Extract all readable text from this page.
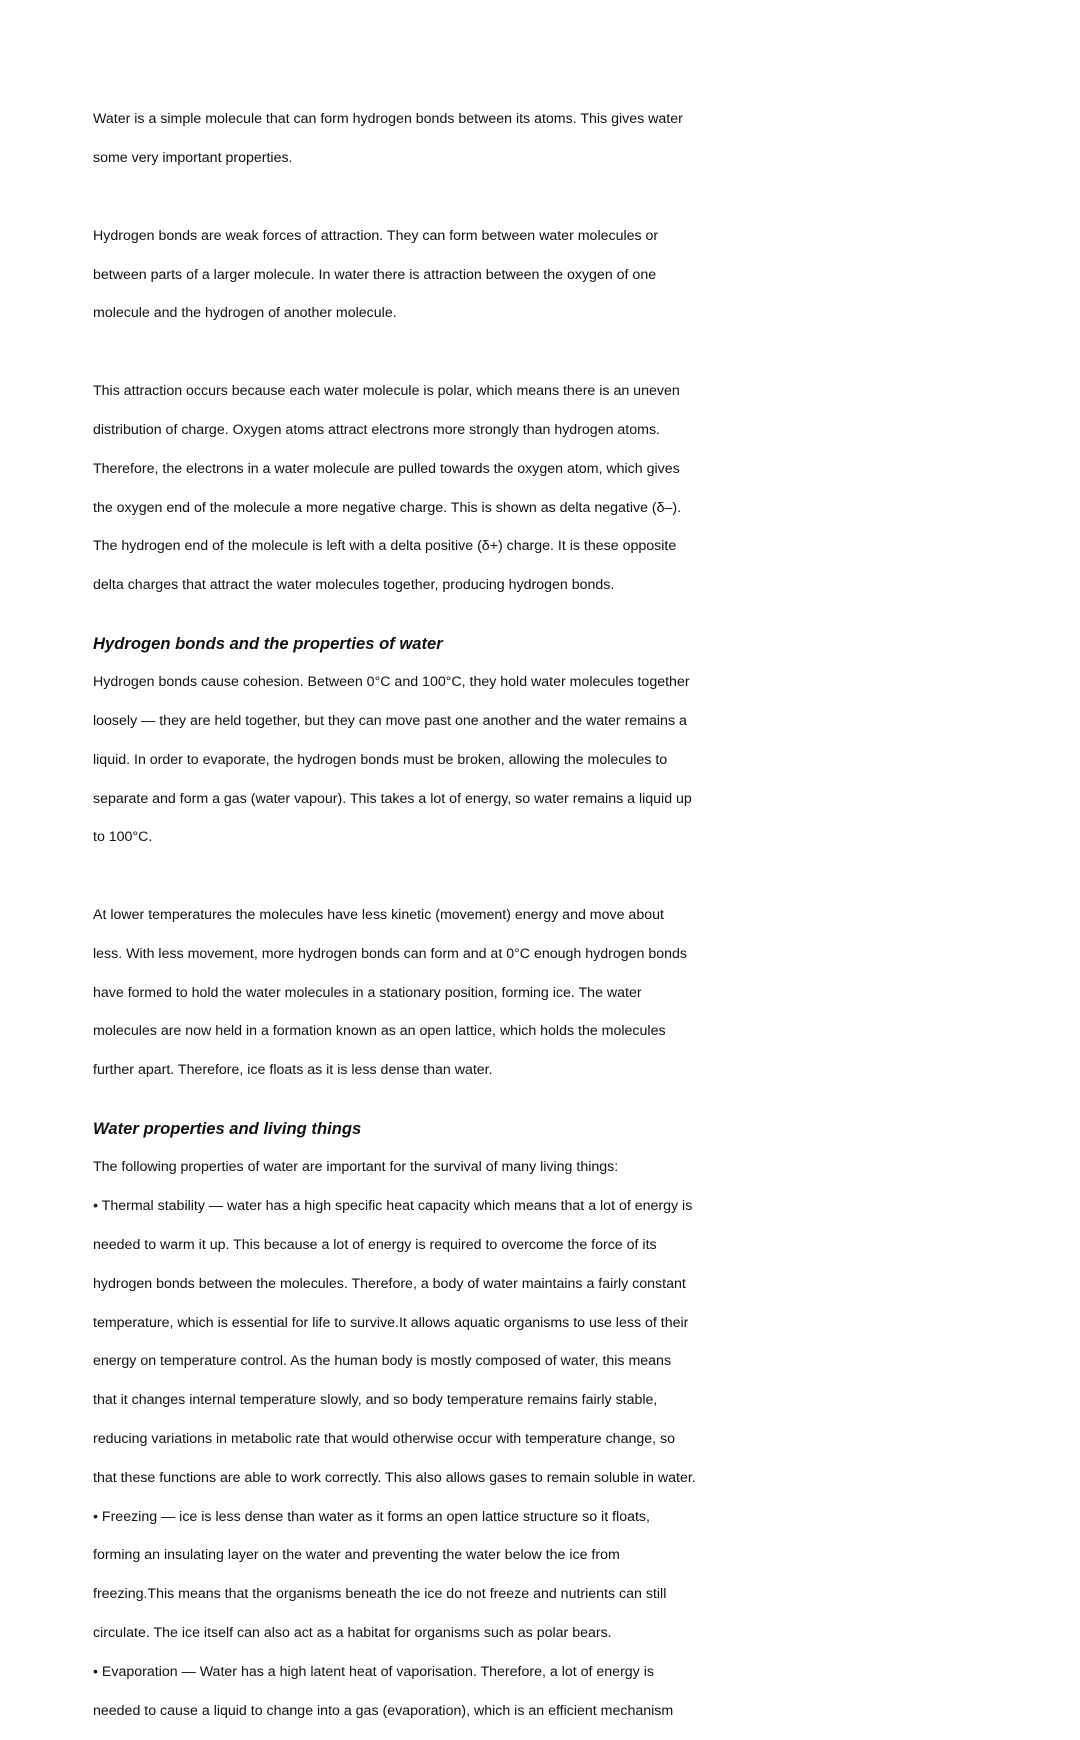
Water is a simple molecule that can form hydrogen bonds between its atoms. This gives water

some very important properties.

Hydrogen bonds are weak forces of attraction. They can form between water molecules or

between parts of a larger molecule. In water there is attraction between the oxygen of one

molecule and the hydrogen of another molecule.

This attraction occurs because each water molecule is polar, which means there is an uneven

distribution of charge. Oxygen atoms attract electrons more strongly than hydrogen atoms.

Therefore, the electrons in a water molecule are pulled towards the oxygen atom, which gives

the oxygen end of the molecule a more negative charge. This is shown as delta negative (δ–).

The hydrogen end of the molecule is left with a delta positive (δ+) charge. It is these opposite

delta charges that attract the water molecules together, producing hydrogen bonds.

Hydrogen bonds and the properties of water

Hydrogen bonds cause cohesion. Between 0°C and 100°C, they hold water molecules together

loosely — they are held together, but they can move past one another and the water remains a

liquid. In order to evaporate, the hydrogen bonds must be broken, allowing the molecules to

separate and form a gas (water vapour). This takes a lot of energy, so water remains a liquid up

to 100°C.

At lower temperatures the molecules have less kinetic (movement) energy and move about

less. With less movement, more hydrogen bonds can form and at 0°C enough hydrogen bonds

have formed to hold the water molecules in a stationary position, forming ice. The water

molecules are now held in a formation known as an open lattice, which holds the molecules

further apart. Therefore, ice floats as it is less dense than water.

Water properties and living things

The following properties of water are important for the survival of many living things:

• Thermal stability — water has a high specific heat capacity which means that a lot of energy is

needed to warm it up. This because a lot of energy is required to overcome the force of its

hydrogen bonds between the molecules. Therefore, a body of water maintains a fairly constant

temperature, which is essential for life to survive.It allows aquatic organisms to use less of their

energy on temperature control. As the human body is mostly composed of water, this means

that it changes internal temperature slowly, and so body temperature remains fairly stable,

reducing variations in metabolic rate that would otherwise occur with temperature change, so

that these functions are able to work correctly. This also allows gases to remain soluble in water.

• Freezing — ice is less dense than water as it forms an open lattice structure so it floats,

forming an insulating layer on the water and preventing the water below the ice from

freezing.This means that the organisms beneath the ice do not freeze and nutrients can still

circulate. The ice itself can also act as a habitat for organisms such as polar bears.

• Evaporation — Water has a high latent heat of vaporisation. Therefore, a lot of energy is

needed to cause a liquid to change into a gas (evaporation), which is an efficient mechanism
